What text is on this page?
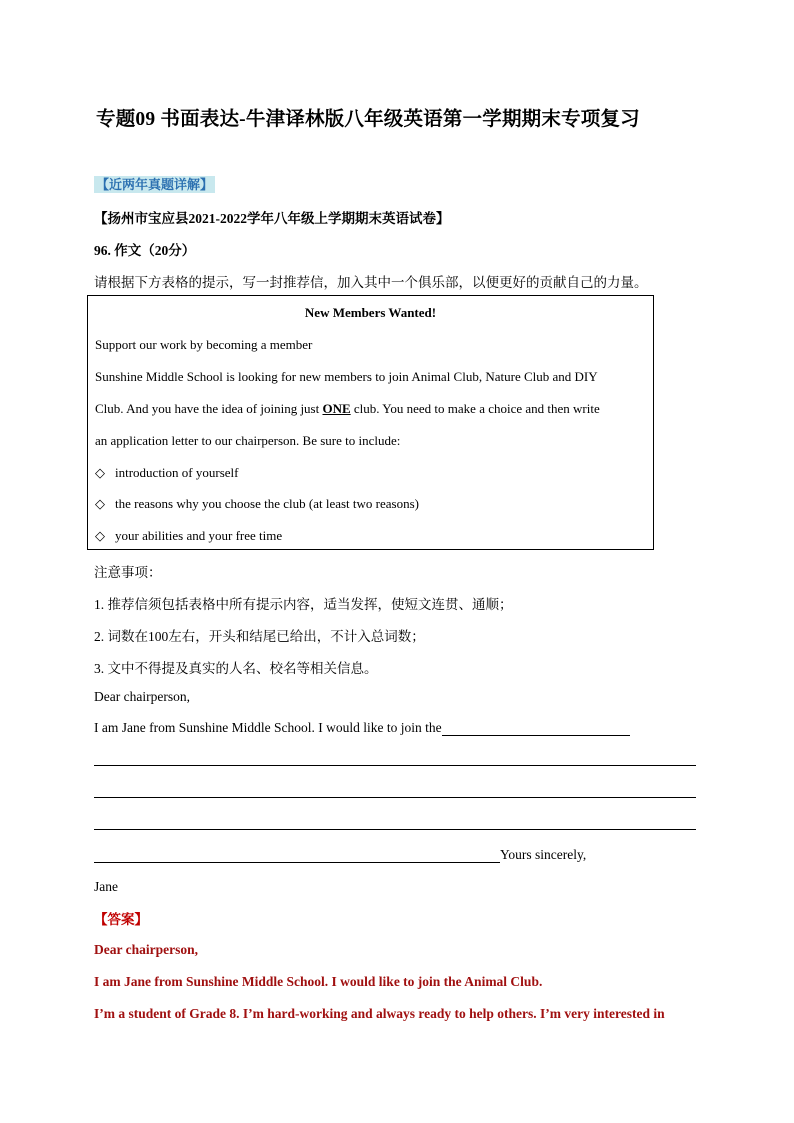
专题09 书面表达-牛津译林版八年级英语第一学期期末专项复习
【近两年真题详解】
【扬州市宝应县2021-2022学年八年级上学期期末英语试卷】
96. 作文（20分）
请根据下方表格的提示，写一封推荐信，加入其中一个俱乐部，以便更好的贡献自己的力量。
New Members Wanted!
Support our work by becoming a member
Sunshine Middle School is looking for new members to join Animal Club, Nature Club and DIY
Club. And you have the idea of joining just ONE club. You need to make a choice and then write
an application letter to our chairperson. Be sure to include:
◇ introduction of yourself
◇ the reasons why you choose the club (at least two reasons)
◇ your abilities and your free time
注意事项：
1. 推荐信须包括表格中所有提示内容，适当发挥，使短文连贯、通顺；
2. 词数在100左右，开头和结尾已给出，不计入总词数；
3. 文中不得提及真实的人名、校名等相关信息。
Dear chairperson,
I am Jane from Sunshine Middle School. I would like to join the
Yours sincerely,
Jane
【答案】
Dear chairperson,
I am Jane from Sunshine Middle School. I would like to join the Animal Club.
I’m a student of Grade 8. I’m hard-working and always ready to help others. I’m very interested in
